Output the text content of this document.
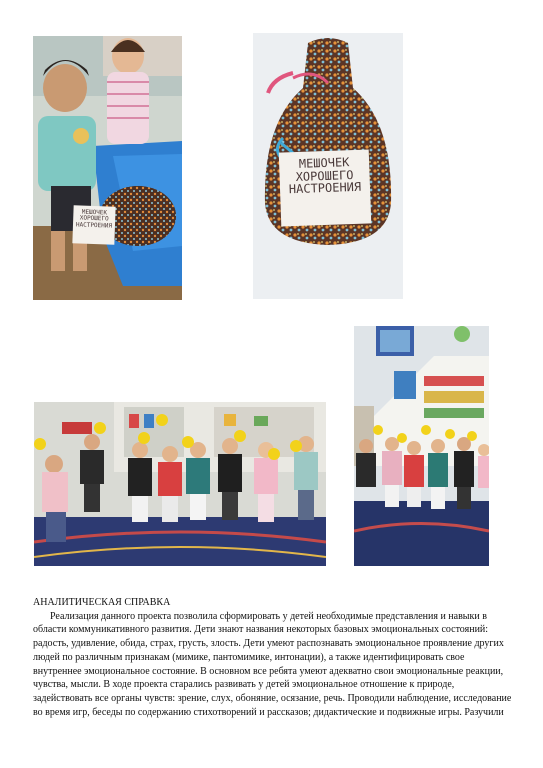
МЕШОЧЕК
ХОРОШЕГО
НАСТРОЕНИЯ
МЕШОЧЕК
ХОРОШЕГО
НАСТРОЕНИЯ
АНАЛИТИЧЕСКАЯ СПРАВКА
Реализация данного проекта позволила сформировать у детей необходимые представления и навыки в области коммуникативного развития. Дети знают названия некоторых базовых эмоциональных состояний: радость, удивление, обида, страх, грусть, злость. Дети умеют распознавать эмоциональное проявление других людей по различным признакам (мимике, пантомимике, интонации), а также идентифицировать свое внутреннее эмоциональное состояние. В основном все ребята умеют адекватно свои эмоциональные реакции, чувства, мысли. В ходе проекта старались развивать у детей эмоциональное отношение к природе, задействовать все органы чувств: зрение, слух, обоняние, осязание, речь. Проводили наблюдение, исследование во время игр, беседы по содержанию стихотворений и рассказов; дидактические и подвижные игры. Разучили
